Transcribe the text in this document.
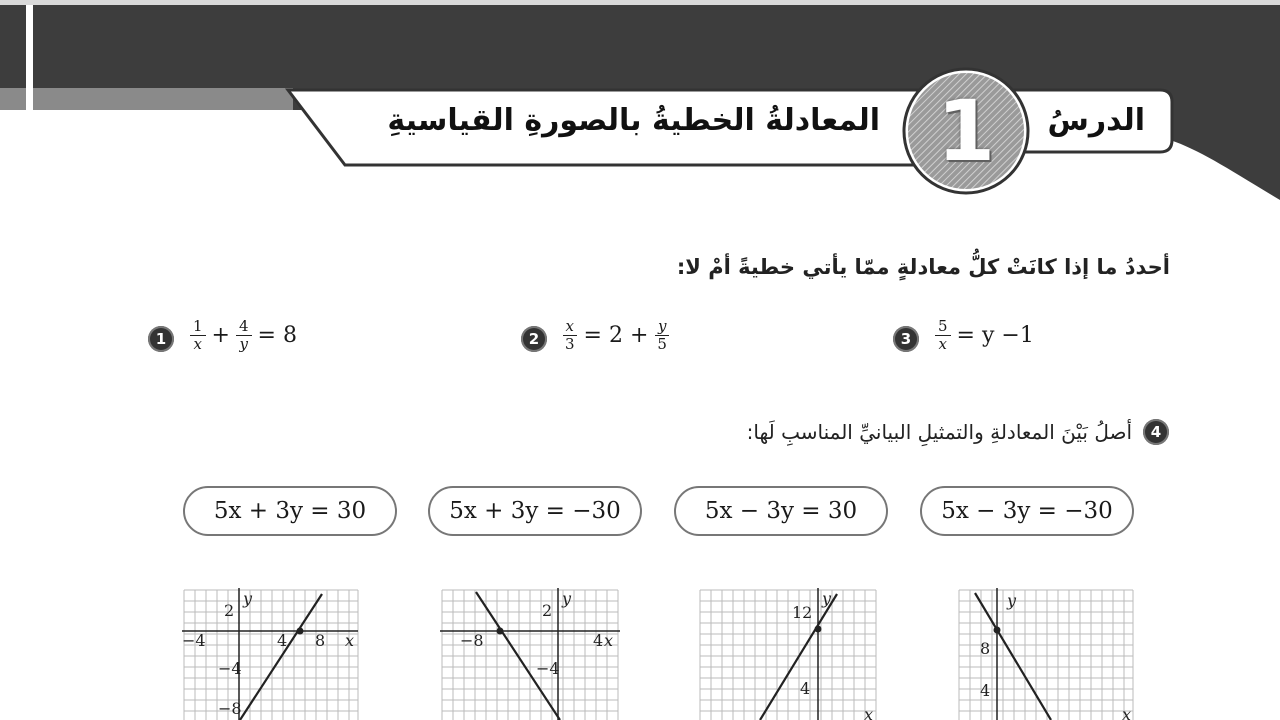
الدرسُ
1
المعادلةُ الخطيةُ بالصورةِ القياسيةِ
أحددُ ما إذا كانَتْ كلُّ معادلةٍ ممّا يأتي خطيةً أمْ لا:
1	$\frac{1}{x} + \frac{4}{y} = 8$	2	$\frac{x}{3} = 2 + \frac{y}{5}$	3	$\frac{5}{x} = y -1$
4
أصلُ بَيْنَ المعادلةِ والتمثيلِ البيانيِّ المناسبِ لَها:
5x + 3y = 30	5x + 3y = −30	5x − 3y = 30	5x − 3y = −30
y
x
2
−4	4 8
−4
−8
y
x
2
−8	4
−4
y
x
12
4
y
x
8
4
